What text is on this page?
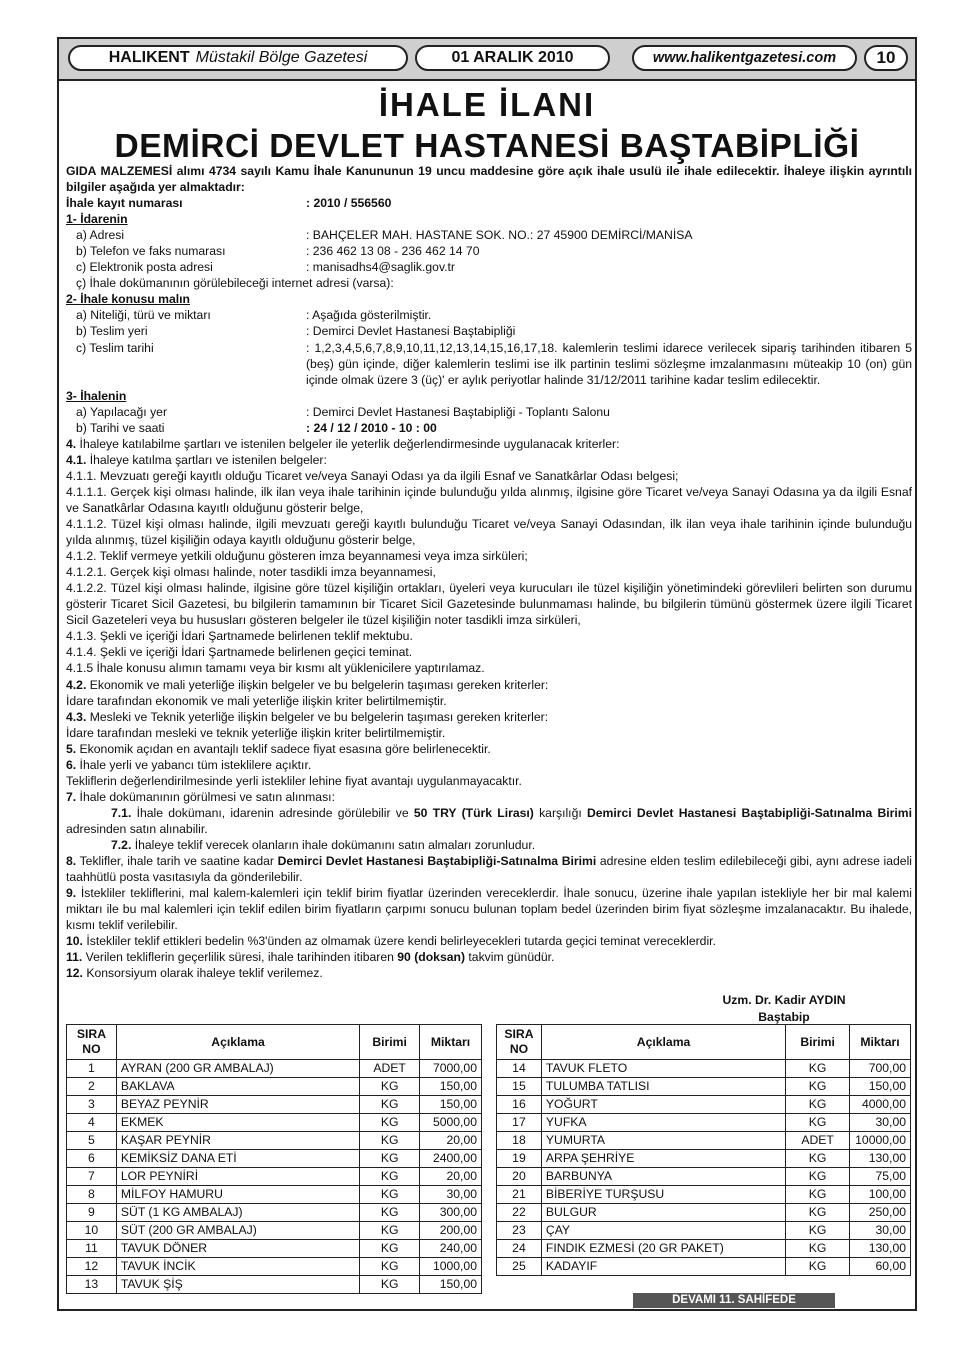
HALIKENT Müstakil Bölge Gazetesi	01 ARALIK 2010	www.halikentgazetesi.com	10
İHALE İLANI
DEMİRCİ DEVLET HASTANESİ BAŞTABİPLİĞİ

GIDA MALZEMESİ alımı 4734 sayılı Kamu İhale Kanununun 19 uncu maddesine göre açık ihale usulü ile ihale edilecektir. İhaleye ilişkin ayrıntılı bilgiler aşağıda yer almaktadır:

İhale kayıt numarası	: 2010 / 556560

1- İdarenin

a) Adresi	: BAHÇELER MAH. HASTANE SOK. NO.: 27 45900 DEMİRCİ/MANİSA
b) Telefon ve faks numarası	: 236 462 13 08 - 236 462 14 70
c) Elektronik posta adresi	: manisadhs4@saglik.gov.tr

ç) İhale dokümanının görülebileceği internet adresi (varsa):

2- İhale konusu malın

a) Niteliği, türü ve miktarı	: Aşağıda gösterilmiştir.
b) Teslim yeri	: Demirci Devlet Hastanesi Baştabipliği
c) Teslim tarihi	: 1,2,3,4,5,6,7,8,9,10,11,12,13,14,15,16,17,18. kalemlerin teslimi idarece verilecek sipariş tarihinden itibaren 5 (beş) gün içinde, diğer kalemlerin teslimi ise ilk partinin teslimi sözleşme imzalanmasını müteakip 10 (on) gün içinde olmak üzere 3 (üç)' er aylık periyotlar halinde 31/12/2011 tarihine kadar teslim edilecektir.

3- İhalenin

a) Yapılacağı yer	: Demirci Devlet Hastanesi Baştabipliği - Toplantı Salonu
b) Tarihi ve saati	: 24 / 12 / 2010 - 10 : 00

4. İhaleye katılabilme şartları ve istenilen belgeler ile yeterlik değerlendirmesinde uygulanacak kriterler:

4.1. İhaleye katılma şartları ve istenilen belgeler:

4.1.1. Mevzuatı gereği kayıtlı olduğu Ticaret ve/veya Sanayi Odası ya da ilgili Esnaf ve Sanatkârlar Odası belgesi;

4.1.1.1. Gerçek kişi olması halinde, ilk ilan veya ihale tarihinin içinde bulunduğu yılda alınmış, ilgisine göre Ticaret ve/veya Sanayi Odasına ya da ilgili Esnaf ve Sanatkârlar Odasına kayıtlı olduğunu gösterir belge,

4.1.1.2. Tüzel kişi olması halinde, ilgili mevzuatı gereği kayıtlı bulunduğu Ticaret ve/veya Sanayi Odasından, ilk ilan veya ihale tarihinin içinde bulunduğu yılda alınmış, tüzel kişiliğin odaya kayıtlı olduğunu gösterir belge,

4.1.2. Teklif vermeye yetkili olduğunu gösteren imza beyannamesi veya imza sirküleri;

4.1.2.1. Gerçek kişi olması halinde, noter tasdikli imza beyannamesi,

4.1.2.2. Tüzel kişi olması halinde, ilgisine göre tüzel kişiliğin ortakları, üyeleri veya kurucuları ile tüzel kişiliğin yönetimindeki görevlileri belirten son durumu gösterir Ticaret Sicil Gazetesi, bu bilgilerin tamamının bir Ticaret Sicil Gazetesinde bulunmaması halinde, bu bilgilerin tümünü göstermek üzere ilgili Ticaret Sicil Gazeteleri veya bu hususları gösteren belgeler ile tüzel kişiliğin noter tasdikli imza sirküleri,

4.1.3. Şekli ve içeriği İdari Şartnamede belirlenen teklif mektubu.

4.1.4. Şekli ve içeriği İdari Şartnamede belirlenen geçici teminat.

4.1.5 İhale konusu alımın tamamı veya bir kısmı alt yüklenicilere yaptırılamaz.

4.2. Ekonomik ve mali yeterliğe ilişkin belgeler ve bu belgelerin taşıması gereken kriterler:

İdare tarafından ekonomik ve mali yeterliğe ilişkin kriter belirtilmemiştir.

4.3. Mesleki ve Teknik yeterliğe ilişkin belgeler ve bu belgelerin taşıması gereken kriterler:

İdare tarafından mesleki ve teknik yeterliğe ilişkin kriter belirtilmemiştir.

5. Ekonomik açıdan en avantajlı teklif sadece fiyat esasına göre belirlenecektir.

6. İhale yerli ve yabancı tüm isteklilere açıktır.

Tekliflerin değerlendirilmesinde yerli istekliler lehine fiyat avantajı uygulanmayacaktır.

7. İhale dokümanının görülmesi ve satın alınması:

7.1. İhale dokümanı, idarenin adresinde görülebilir ve 50 TRY (Türk Lirası) karşılığı Demirci Devlet Hastanesi Baştabipliği-Satınalma Birimi adresinden satın alınabilir.

7.2. İhaleye teklif verecek olanların ihale dokümanını satın almaları zorunludur.

8. Teklifler, ihale tarih ve saatine kadar Demirci Devlet Hastanesi Baştabipliği-Satınalma Birimi adresine elden teslim edilebileceği gibi, aynı adrese iadeli taahhütlü posta vasıtasıyla da gönderilebilir.

9. İstekliler tekliflerini, mal kalem-kalemleri için teklif birim fiyatlar üzerinden vereceklerdir. İhale sonucu, üzerine ihale yapılan istekliyle her bir mal kalemi miktarı ile bu mal kalemleri için teklif edilen birim fiyatların çarpımı sonucu bulunan toplam bedel üzerinden birim fiyat sözleşme imzalanacaktır. Bu ihalede, kısmı teklif verilebilir.

10. İstekliler teklif ettikleri bedelin %3'ünden az olmamak üzere kendi belirleyecekleri tutarda geçici teminat vereceklerdir.

11. Verilen tekliflerin geçerlilik süresi, ihale tarihinden itibaren 90 (doksan) takvim günüdür.

12. Konsorsiyum olarak ihaleye teklif verilemez.

Uzm. Dr. Kadir AYDIN
Baştabip
SIRA NO	Açıklama	Birimi	Miktarı
1	AYRAN (200 GR AMBALAJ)	ADET	7000,00
2	BAKLAVA	KG	150,00
3	BEYAZ PEYNİR	KG	150,00
4	EKMEK	KG	5000,00
5	KAŞAR PEYNİR	KG	20,00
6	KEMİKSİZ DANA ETİ	KG	2400,00
7	LOR PEYNİRİ	KG	20,00
8	MİLFOY HAMURU	KG	30,00
9	SÜT (1 KG AMBALAJ)	KG	300,00
10	SÜT (200 GR AMBALAJ)	KG	200,00
11	TAVUK DÖNER	KG	240,00
12	TAVUK İNCİK	KG	1000,00
13	TAVUK ŞİŞ	KG	150,00
SIRA NO	Açıklama	Birimi	Miktarı
14	TAVUK FLETO	KG	700,00
15	TULUMBA TATLISI	KG	150,00
16	YOĞURT	KG	4000,00
17	YUFKA	KG	30,00
18	YUMURTA	ADET	10000,00
19	ARPA ŞEHRİYE	KG	130,00
20	BARBUNYA	KG	75,00
21	BİBERİYE TURŞUSU	KG	100,00
22	BULGUR	KG	250,00
23	ÇAY	KG	30,00
24	FINDIK EZMESİ (20 GR PAKET)	KG	130,00
25	KADAYIF	KG	60,00
DEVAMI 11. SAHİFEDE
